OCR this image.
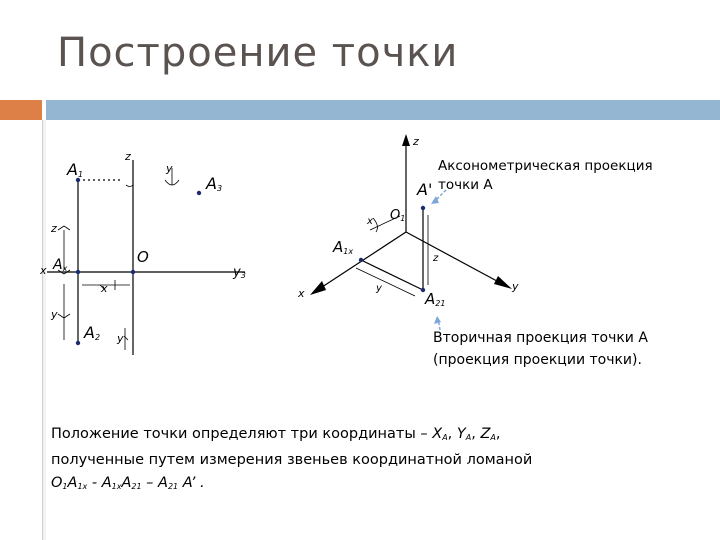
Построение точки
$A_1$	$A_3$
$A_2$
$A_x$
O
z
y
x	$y_3$
z
x
y
y
z
y
x
A'
$O_1$
$A_{1x}$
$A_{21}$
x
z
y
Аксонометрическая проекция
точки А
Вторичная проекция точки А
(проекция проекции точки).
Положение точки определяют три координаты – $X_A$, $Y_A$, $Z_A$,
полученные путем измерения звеньев координатной ломаной
$O_1A_{1x} - A_{1x}A_{21} - A_{21}$ A’ .
